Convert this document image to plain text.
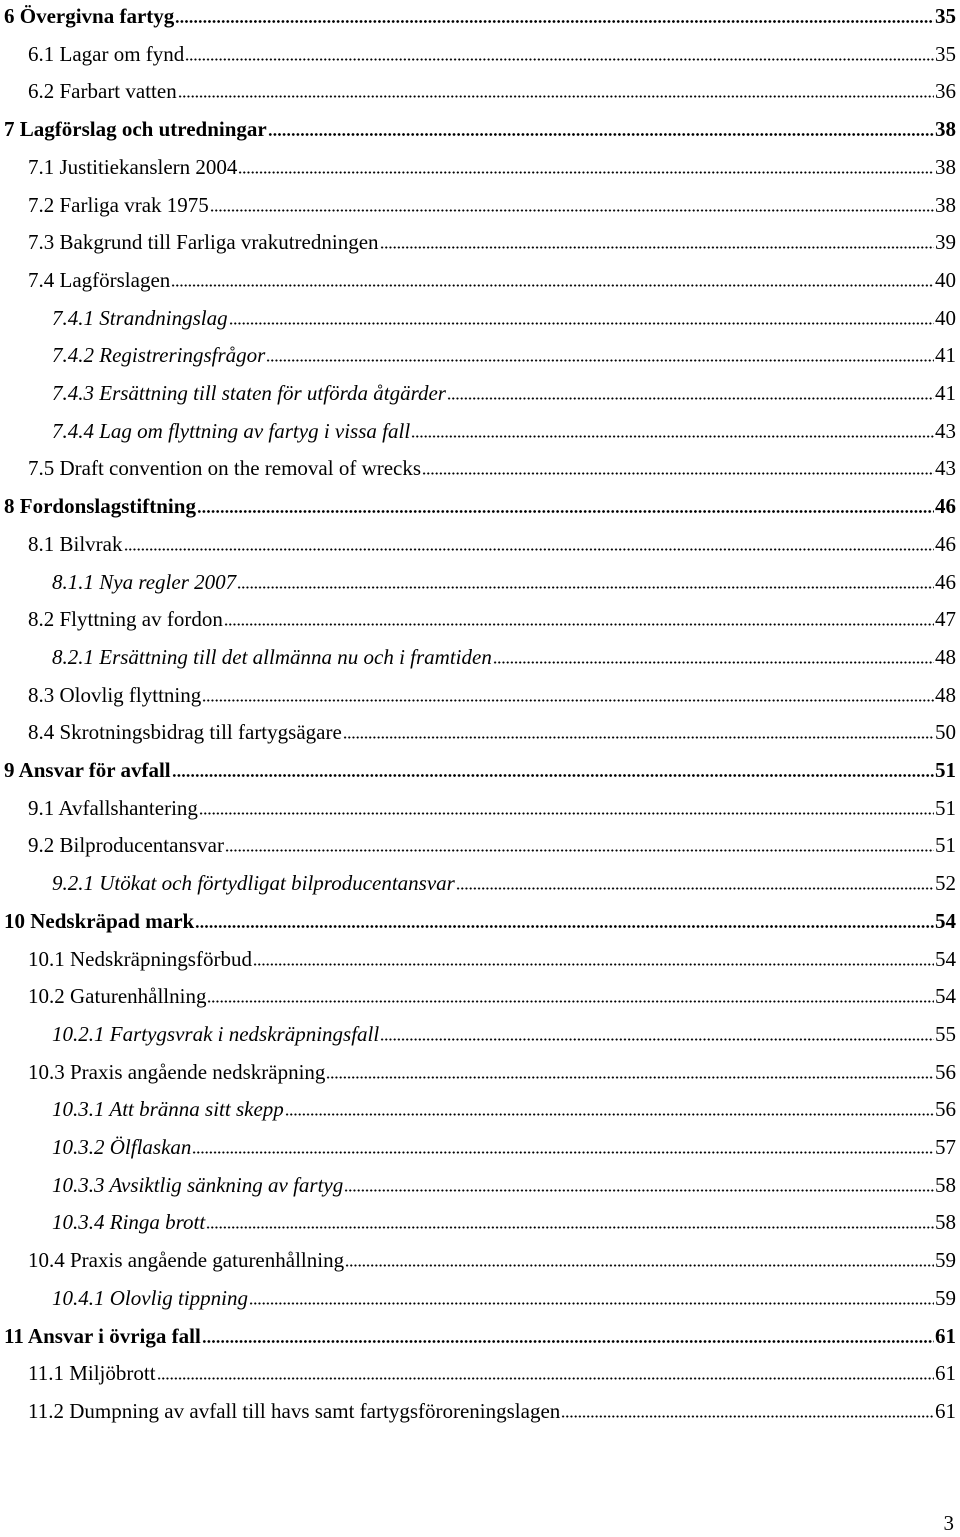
6 Övergivna fartyg	35
6.1 Lagar om fynd	35
6.2 Farbart vatten	36
7 Lagförslag och utredningar	38
7.1 Justitiekanslern 2004	38
7.2 Farliga vrak 1975	38
7.3 Bakgrund till Farliga vrakutredningen	39
7.4 Lagförslagen	40
7.4.1 Strandningslag	40
7.4.2 Registreringsfrågor	41
7.4.3 Ersättning till staten för utförda åtgärder	41
7.4.4 Lag om flyttning av fartyg i vissa fall	43
7.5 Draft convention on the removal of wrecks	43
8 Fordonslagstiftning	46
8.1 Bilvrak	46
8.1.1 Nya regler 2007	46
8.2 Flyttning av fordon	47
8.2.1 Ersättning till det allmänna nu och i framtiden	48
8.3 Olovlig flyttning	48
8.4 Skrotningsbidrag till fartygsägare	50
9 Ansvar för avfall	51
9.1 Avfallshantering	51
9.2 Bilproducentansvar	51
9.2.1 Utökat och förtydligat bilproducentansvar	52
10 Nedskräpad mark	54
10.1 Nedskräpningsförbud	54
10.2 Gaturenhållning	54
10.2.1 Fartygsvrak i nedskräpningsfall	55
10.3 Praxis angående nedskräpning	56
10.3.1 Att bränna sitt skepp	56
10.3.2 Ölflaskan	57
10.3.3 Avsiktlig sänkning av fartyg	58
10.3.4 Ringa brott	58
10.4 Praxis angående gaturenhållning	59
10.4.1 Olovlig tippning	59
11 Ansvar i övriga fall	61
11.1 Miljöbrott	61
11.2 Dumpning av avfall till havs samt fartygsföroreningslagen	61
3
